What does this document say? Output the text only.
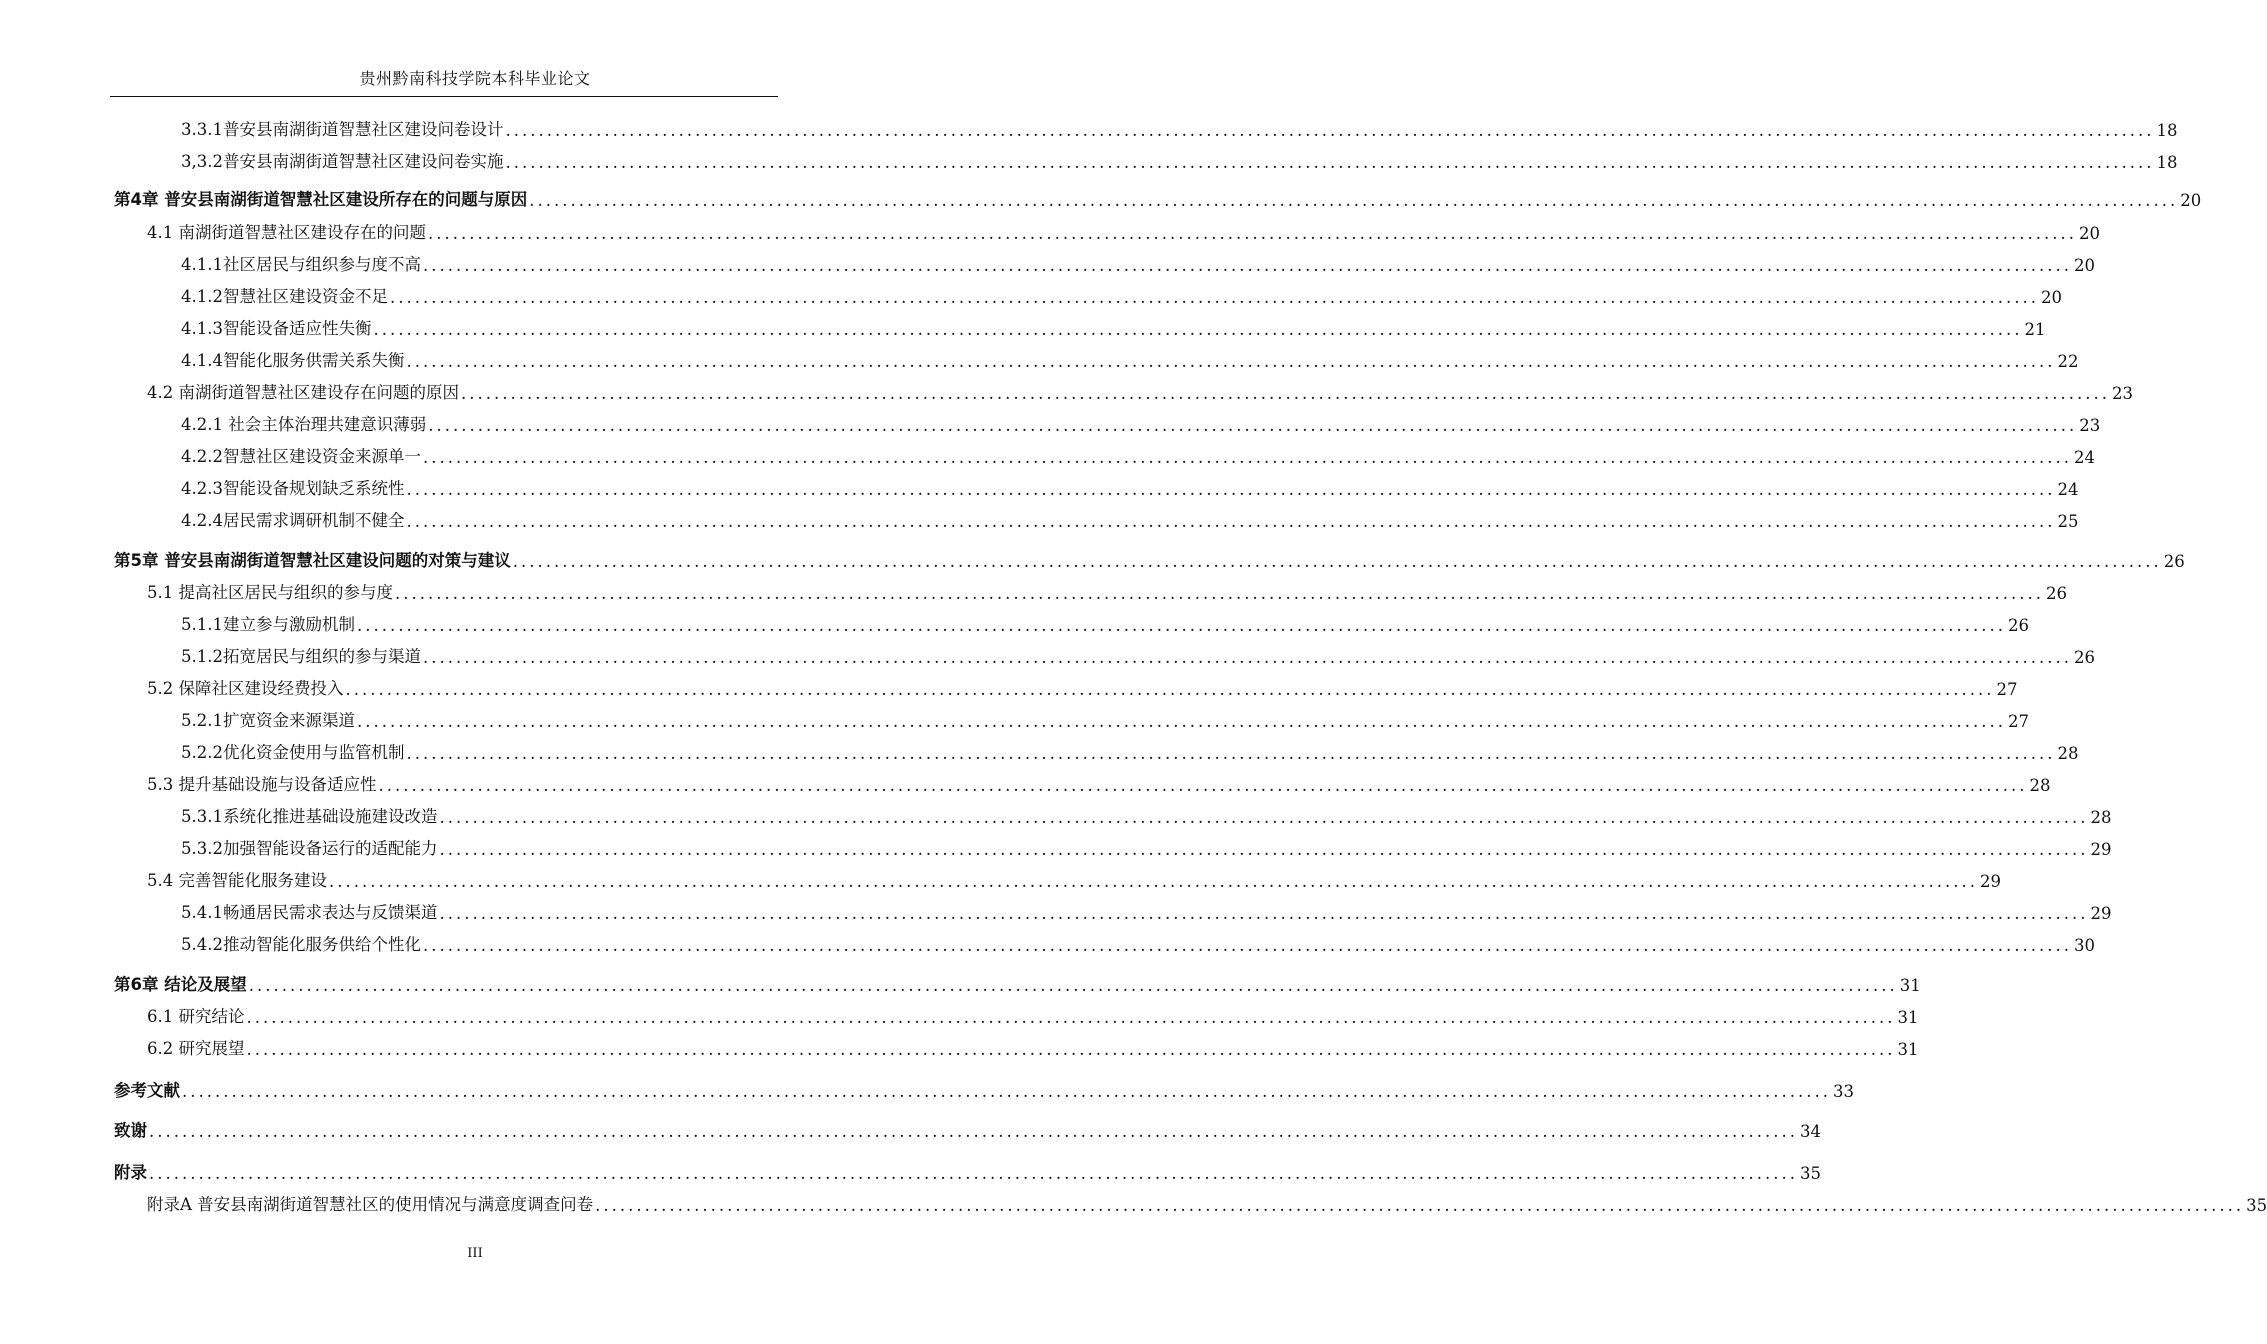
贵州黔南科技学院本科毕业论文
3.3.1普安县南湖街道智慧社区建设问卷设计 ........................................................................................................................................................................................................ 18
3,3.2普安县南湖街道智慧社区建设问卷实施 ........................................................................................................................................................................................................ 18
第4章 普安县南湖街道智慧社区建设所存在的问题与原因 ........................................................................................................................................................................................................ 20
4.1 南湖街道智慧社区建设存在的问题 ........................................................................................................................................................................................................ 20
4.1.1社区居民与组织参与度不高 ........................................................................................................................................................................................................ 20
4.1.2智慧社区建设资金不足 ........................................................................................................................................................................................................ 20
4.1.3智能设备适应性失衡 ........................................................................................................................................................................................................ 21
4.1.4智能化服务供需关系失衡 ........................................................................................................................................................................................................ 22
4.2 南湖街道智慧社区建设存在问题的原因 ........................................................................................................................................................................................................ 23
4.2.1 社会主体治理共建意识薄弱 ........................................................................................................................................................................................................ 23
4.2.2智慧社区建设资金来源单一 ........................................................................................................................................................................................................ 24
4.2.3智能设备规划缺乏系统性 ........................................................................................................................................................................................................ 24
4.2.4居民需求调研机制不健全 ........................................................................................................................................................................................................ 25
第5章 普安县南湖街道智慧社区建设问题的对策与建议 ........................................................................................................................................................................................................ 26
5.1 提高社区居民与组织的参与度 ........................................................................................................................................................................................................ 26
5.1.1建立参与激励机制 ........................................................................................................................................................................................................ 26
5.1.2拓宽居民与组织的参与渠道 ........................................................................................................................................................................................................ 26
5.2 保障社区建设经费投入 ........................................................................................................................................................................................................ 27
5.2.1扩宽资金来源渠道 ........................................................................................................................................................................................................ 27
5.2.2优化资金使用与监管机制 ........................................................................................................................................................................................................ 28
5.3 提升基础设施与设备适应性 ........................................................................................................................................................................................................ 28
5.3.1系统化推进基础设施建设改造 ........................................................................................................................................................................................................ 28
5.3.2加强智能设备运行的适配能力 ........................................................................................................................................................................................................ 29
5.4 完善智能化服务建设 ........................................................................................................................................................................................................ 29
5.4.1畅通居民需求表达与反馈渠道 ........................................................................................................................................................................................................ 29
5.4.2推动智能化服务供给个性化 ........................................................................................................................................................................................................ 30
第6章 结论及展望 ........................................................................................................................................................................................................ 31
6.1 研究结论 ........................................................................................................................................................................................................ 31
6.2 研究展望 ........................................................................................................................................................................................................ 31
参考文献 ........................................................................................................................................................................................................ 33
致谢 ........................................................................................................................................................................................................ 34
附录 ........................................................................................................................................................................................................ 35
附录A 普安县南湖街道智慧社区的使用情况与满意度调查问卷 ........................................................................................................................................................................................................ 35
III
